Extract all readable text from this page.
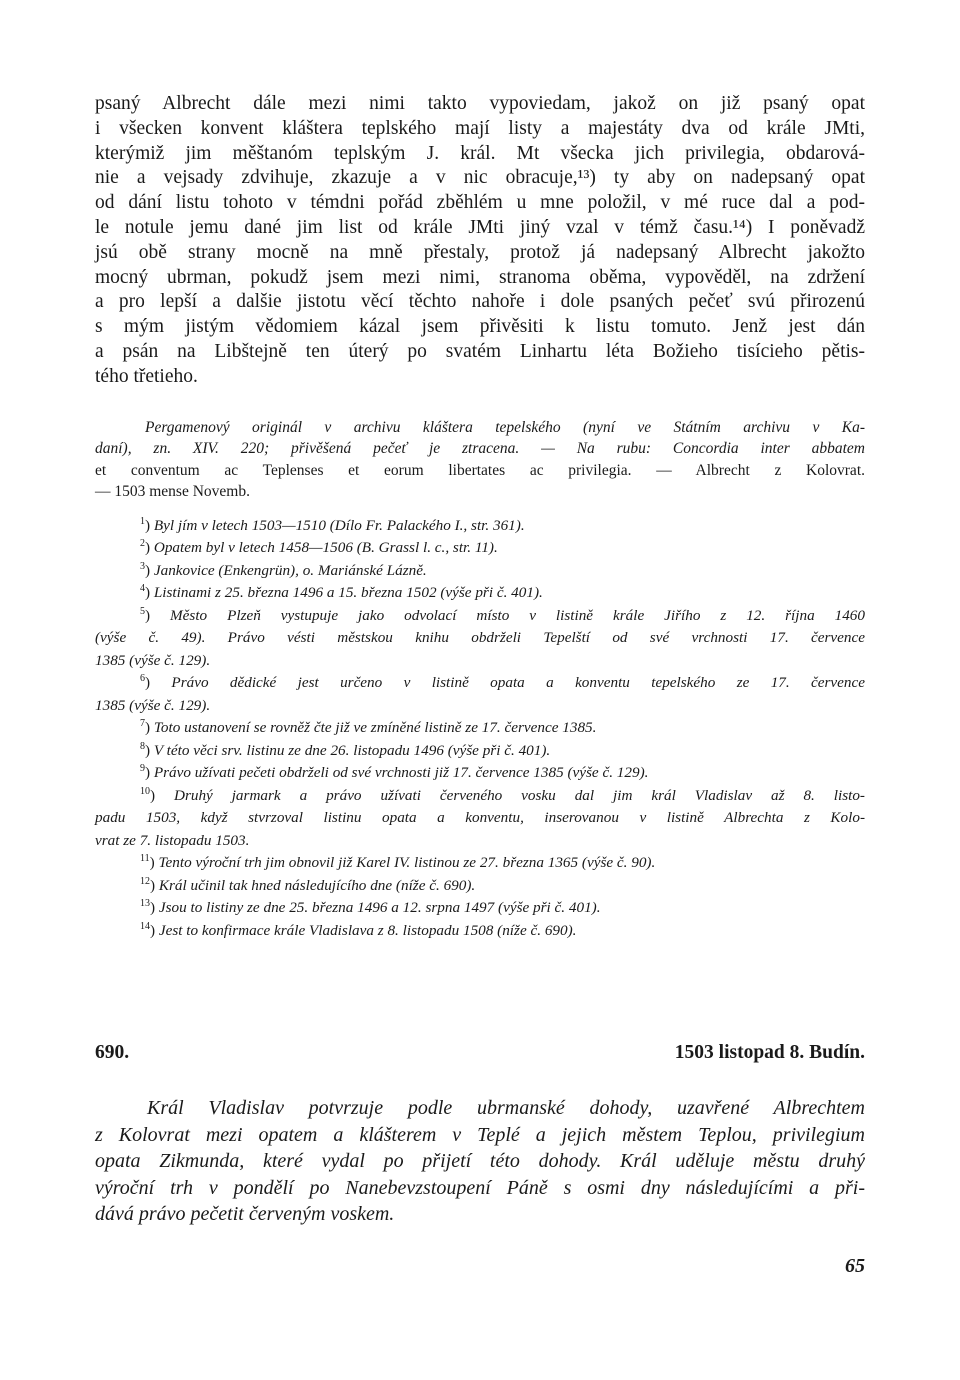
psaný Albrecht dále mezi nimi takto vypoviedam, jakož on již psaný opat
i všecken konvent kláštera teplského mají listy a majestáty dva od krále JMti,
kterýmiž jim měštanóm teplským J. král. Mt všecka jich privilegia, obdarová-
nie a vejsady zdvihuje, zkazuje a v nic obracuje,¹³) ty aby on nadepsaný opat
od dání listu tohoto v témdni pořád zběhlém u mne položil, v mé ruce dal a pod-
le notule jemu dané jim list od krále JMti jiný vzal v témž času.¹⁴) I poněvadž
jsú obě strany mocně na mně přestaly, protož já nadepsaný Albrecht jakožto
mocný ubrman, pokudž jsem mezi nimi, stranoma oběma, vypověděl, na zdržení
a pro lepší a dalšie jistotu věcí těchto nahoře i dole psaných pečeť svú přirozenú
s mým jistým vědomiem kázal jsem přivěsiti k listu tomuto. Jenž jest dán
a psán na Libštejně ten úterý po svatém Linhartu léta Božieho tisícieho pětis-
tého třetieho.
Pergamenový originál v archivu kláštera tepelského (nyní ve Státním archivu v Ka-
daní), zn. XIV. 220; přivěšená pečeť je ztracena. — Na rubu: Concordia inter abbatem
et conventum ac Teplenses et eorum libertates ac privilegia. — Albrecht z Kolovrat.
— 1503 mense Novemb.
$^1$) Byl jím v letech 1503—1510 (Dílo Fr. Palackého I., str. 361).
$^2$) Opatem byl v letech 1458—1506 (B. Grassl l. c., str. 11).
$^3$) Jankovice (Enkengrün), o. Mariánské Lázně.
$^4$) Listinami z 25. března 1496 a 15. března 1502 (výše při č. 401).
$^5$) Město Plzeň vystupuje jako odvolací místo v listině krále Jiřího z 12. října 1460
(výše č. 49). Právo vésti městskou knihu obdrželi Tepelští od své vrchnosti 17. července
1385 (výše č. 129).
$^6$) Právo dědické jest určeno v listině opata a konventu tepelského ze 17. července
1385 (výše č. 129).
$^7$) Toto ustanovení se rovněž čte již ve zmíněné listině ze 17. července 1385.
$^8$) V této věci srv. listinu ze dne 26. listopadu 1496 (výše při č. 401).
$^9$) Právo užívati pečeti obdrželi od své vrchnosti již 17. července 1385 (výše č. 129).
$^{10}$) Druhý jarmark a právo užívati červeného vosku dal jim král Vladislav až 8. listo-
padu 1503, když stvrzoval listinu opata a konventu, inserovanou v listině Albrechta z Kolo-
vrat ze 7. listopadu 1503.
$^{11}$) Tento výroční trh jim obnovil již Karel IV. listinou ze 27. března 1365 (výše č. 90).
$^{12}$) Král učinil tak hned následujícího dne (níže č. 690).
$^{13}$) Jsou to listiny ze dne 25. března 1496 a 12. srpna 1497 (výše při č. 401).
$^{14}$) Jest to konfirmace krále Vladislava z 8. listopadu 1508 (níže č. 690).
690.	1503 listopad 8. Budín.
Král Vladislav potvrzuje podle ubrmanské dohody, uzavřené Albrechtem
z Kolovrat mezi opatem a klášterem v Teplé a jejich městem Teplou, privilegium
opata Zikmunda, které vydal po přijetí této dohody. Král uděluje městu druhý
výroční trh v pondělí po Nanebevzstoupení Páně s osmi dny následujícími a při-
dává právo pečetit červeným voskem.
65
